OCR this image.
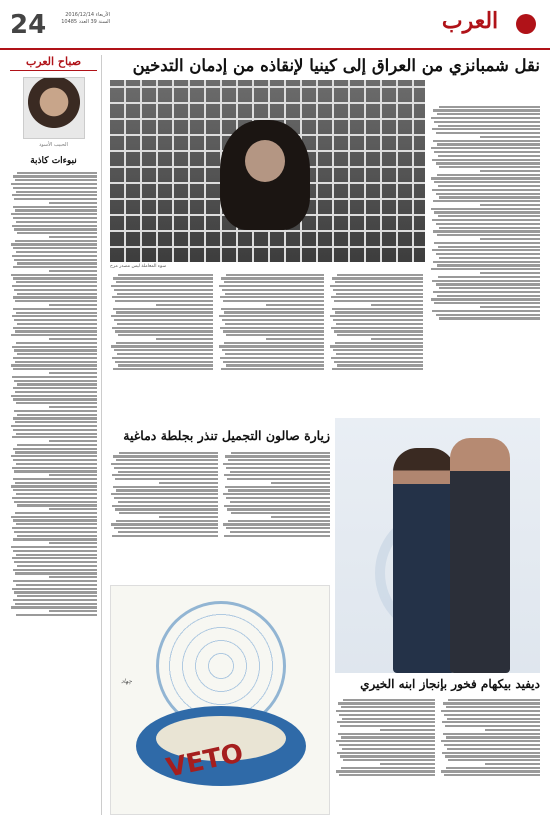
24	الأربعاء 2016/12/14
السنة 39 العدد 10485	العرب
صباح العرب
الحبيب الأسود
نبوءات كاذبة
نقل شمبانزي من العراق إلى كينيا لإنقاذه من إدمان التدخين
سوء المعاملة ليس مصدر مرح
زيارة صالون التجميل تنذر بجلطة دماغية
ديفيد بيكهام فخور بإنجاز ابنه الخيري
VETO
ﭼﻬﺎﺩ
